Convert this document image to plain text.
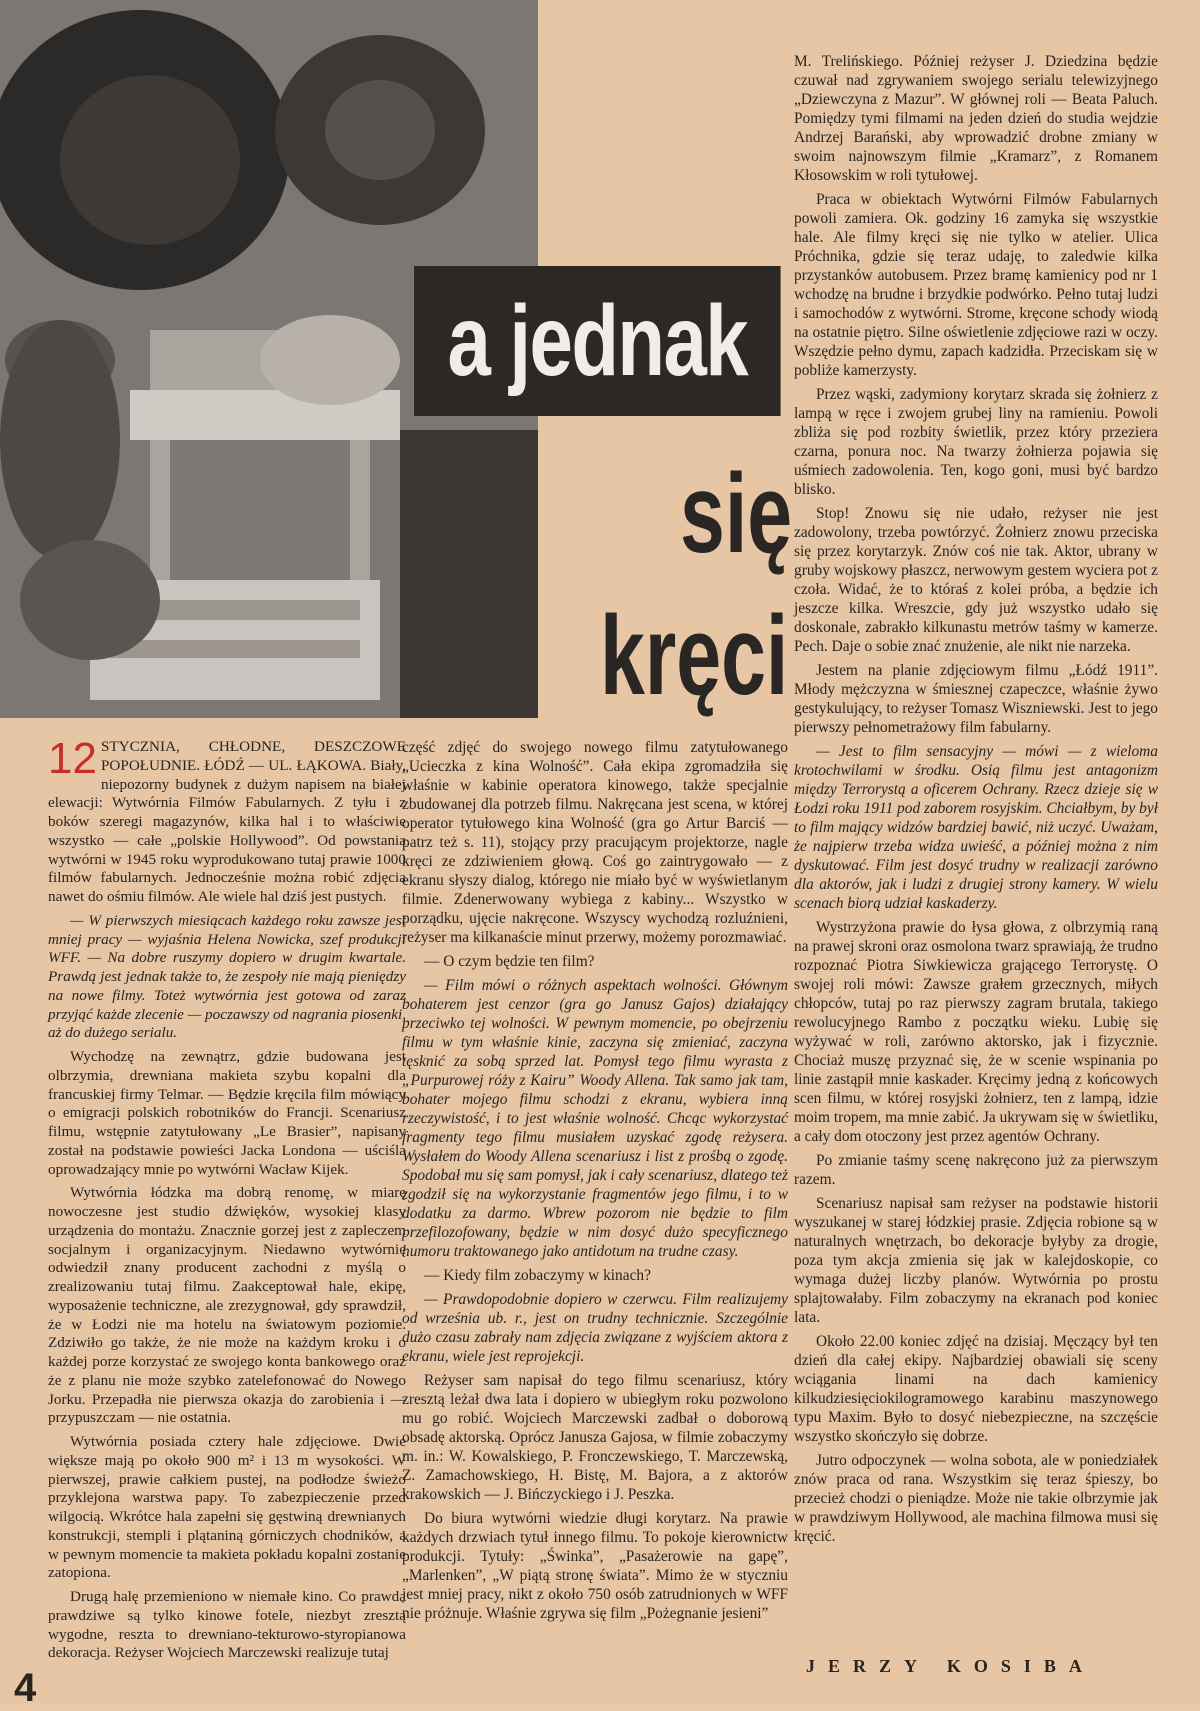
a jednak
się
kręci

12 STYCZNIA, CHŁODNE, DESZCZOWE POPOŁUDNIE. ŁÓDŹ — UL. ŁĄKOWA. Biały, niepozorny budynek z dużym napisem na białej elewacji: Wytwórnia Filmów Fabularnych. Z tyłu i z boków szeregi magazynów, kilka hal i to właściwie wszystko — całe „polskie Hollywood”. Od powstania wytwórni w 1945 roku wyprodukowano tutaj prawie 1000 filmów fabularnych. Jednocześnie można robić zdjęcia nawet do ośmiu filmów. Ale wiele hal dziś jest pustych.

— W pierwszych miesiącach każdego roku zawsze jest mniej pracy — wyjaśnia Helena Nowicka, szef produkcji WFF. — Na dobre ruszymy dopiero w drugim kwartale. Prawdą jest jednak także to, że zespoły nie mają pieniędzy na nowe filmy. Toteż wytwórnia jest gotowa od zaraz przyjąć każde zlecenie — poczawszy od nagrania piosenki, aż do dużego serialu.

Wychodzę na zewnątrz, gdzie budowana jest olbrzymia, drewniana makieta szybu kopalni dla francuskiej firmy Telmar. — Będzie kręcila film mówiący o emigracji polskich robotników do Francji. Scenariusz filmu, wstępnie zatytułowany „Le Brasier”, napisany został na podstawie powieści Jacka Londona — uściśla oprowadzający mnie po wytwórni Wacław Kijek.

Wytwórnia łódzka ma dobrą renomę, w miarę nowoczesne jest studio dźwięków, wysokiej klasy urządzenia do montażu. Znacznie gorzej jest z zapleczem socjalnym i organizacyjnym. Niedawno wytwórnię odwiedził znany producent zachodni z myślą o zrealizowaniu tutaj filmu. Zaakceptował hale, ekipę, wyposażenie techniczne, ale zrezygnował, gdy sprawdził, że w Łodzi nie ma hotelu na światowym poziomie. Zdziwiło go także, że nie może na każdym kroku i o każdej porze korzystać ze swojego konta bankowego oraz że z planu nie może szybko zatelefonować do Nowego Jorku. Przepadła nie pierwsza okazja do zarobienia i — przypuszczam — nie ostatnia.

Wytwórnia posiada cztery hale zdjęciowe. Dwie większe mają po około 900 m² i 13 m wysokości. W pierwszej, prawie całkiem pustej, na podłodze świeżo przyklejona warstwa papy. To zabezpieczenie przed wilgocią. Wkrótce hala zapełni się gęstwiną drewnianych konstrukcji, stempli i plątaniną górniczych chodników, a w pewnym momencie ta makieta pokładu kopalni zostanie zatopiona.

Drugą halę przemieniono w niemałe kino. Co prawda prawdziwe są tylko kinowe fotele, niezbyt zresztą wygodne, reszta to drewniano-tekturowo-styropianowa dekoracja. Reżyser Wojciech Marczewski realizuje tutaj

część zdjęć do swojego nowego filmu zatytułowanego „Ucieczka z kina Wolność”. Cała ekipa zgromadziła się właśnie w kabinie operatora kinowego, także specjalnie zbudowanej dla potrzeb filmu. Nakręcana jest scena, w której operator tytułowego kina Wolność (gra go Artur Barciś — patrz też s. 11), stojący przy pracującym projektorze, nagle kręci ze zdziwieniem głową. Coś go zaintrygowało — z ekranu słyszy dialog, którego nie miało być w wyświetlanym filmie. Zdenerwowany wybiega z kabiny... Wszystko w porządku, ujęcie nakręcone. Wszyscy wychodzą rozluźnieni, reżyser ma kilkanaście minut przerwy, możemy porozmawiać.

— O czym będzie ten film?

— Film mówi o różnych aspektach wolności. Głównym bohaterem jest cenzor (gra go Janusz Gajos) działający przeciwko tej wolności. W pewnym momencie, po obejrzeniu filmu w tym właśnie kinie, zaczyna się zmieniać, zaczyna tęsknić za sobą sprzed lat. Pomysł tego filmu wyrasta z „Purpurowej róży z Kairu” Woody Allena. Tak samo jak tam, bohater mojego filmu schodzi z ekranu, wybiera inną rzeczywistość, i to jest właśnie wolność. Chcąc wykorzystać fragmenty tego filmu musiałem uzyskać zgodę reżysera. Wysłałem do Woody Allena scenariusz i list z prośbą o zgodę. Spodobał mu się sam pomysł, jak i cały scenariusz, dlatego też zgodził się na wykorzystanie fragmentów jego filmu, i to w dodatku za darmo. Wbrew pozorom nie będzie to film przefilozofowany, będzie w nim dosyć dużo specyficznego humoru traktowanego jako antidotum na trudne czasy.

— Kiedy film zobaczymy w kinach?

— Prawdopodobnie dopiero w czerwcu. Film realizujemy od września ub. r., jest on trudny technicznie. Szczególnie dużo czasu zabrały nam zdjęcia związane z wyjściem aktora z ekranu, wiele jest reprojekcji.

Reżyser sam napisał do tego filmu scenariusz, który zresztą leżał dwa lata i dopiero w ubiegłym roku pozwolono mu go robić. Wojciech Marczewski zadbał o doborową obsadę aktorską. Oprócz Janusza Gajosa, w filmie zobaczymy m. in.: W. Kowalskiego, P. Fronczewskiego, T. Marczewską, Z. Zamachowskiego, H. Bistę, M. Bajora, a z aktorów krakowskich — J. Bińczyckiego i J. Peszka.

Do biura wytwórni wiedzie długi korytarz. Na prawie każdych drzwiach tytuł innego filmu. To pokoje kierownictw produkcji. Tytuły: „Świnka”, „Pasażerowie na gapę”, „Marlenken”, „W piątą stronę świata”. Mimo że w styczniu jest mniej pracy, nikt z około 750 osób zatrudnionych w WFF nie próżnuje. Właśnie zgrywa się film „Pożegnanie jesieni”

M. Trelińskiego. Później reżyser J. Dziedzina będzie czuwał nad zgrywaniem swojego serialu telewizyjnego „Dziewczyna z Mazur”. W głównej roli — Beata Paluch. Pomiędzy tymi filmami na jeden dzień do studia wejdzie Andrzej Barański, aby wprowadzić drobne zmiany w swoim najnowszym filmie „Kramarz”, z Romanem Kłosowskim w roli tytułowej.

Praca w obiektach Wytwórni Filmów Fabularnych powoli zamiera. Ok. godziny 16 zamyka się wszystkie hale. Ale filmy kręci się nie tylko w atelier. Ulica Próchnika, gdzie się teraz udaję, to zaledwie kilka przystanków autobusem. Przez bramę kamienicy pod nr 1 wchodzę na brudne i brzydkie podwórko. Pełno tutaj ludzi i samochodów z wytwórni. Strome, kręcone schody wiodą na ostatnie piętro. Silne oświetlenie zdjęciowe razi w oczy. Wszędzie pełno dymu, zapach kadzidła. Przeciskam się w pobliże kamerzysty.

Przez wąski, zadymiony korytarz skrada się żołnierz z lampą w ręce i zwojem grubej liny na ramieniu. Powoli zbliża się pod rozbity świetlik, przez który przeziera czarna, ponura noc. Na twarzy żołnierza pojawia się uśmiech zadowolenia. Ten, kogo goni, musi być bardzo blisko.

Stop! Znowu się nie udało, reżyser nie jest zadowolony, trzeba powtórzyć. Żołnierz znowu przeciska się przez korytarzyk. Znów coś nie tak. Aktor, ubrany w gruby wojskowy płaszcz, nerwowym gestem wyciera pot z czoła. Widać, że to któraś z kolei próba, a będzie ich jeszcze kilka. Wreszcie, gdy już wszystko udało się doskonale, zabrakło kilkunastu metrów taśmy w kamerze. Pech. Daje o sobie znać znużenie, ale nikt nie narzeka.

Jestem na planie zdjęciowym filmu „Łódź 1911”. Młody mężczyzna w śmiesznej czapeczce, właśnie żywo gestykulujący, to reżyser Tomasz Wiszniewski. Jest to jego pierwszy pełnometrażowy film fabularny.

— Jest to film sensacyjny — mówi — z wieloma krotochwilami w środku. Osią filmu jest antagonizm między Terrorystą a oficerem Ochrany. Rzecz dzieje się w Łodzi roku 1911 pod zaborem rosyjskim. Chciałbym, by był to film mający widzów bardziej bawić, niż uczyć. Uważam, że najpierw trzeba widza uwieść, a później można z nim dyskutować. Film jest dosyć trudny w realizacji zarówno dla aktorów, jak i ludzi z drugiej strony kamery. W wielu scenach biorą udział kaskaderzy.

Wystrzyżona prawie do łysa głowa, z olbrzymią raną na prawej skroni oraz osmolona twarz sprawiają, że trudno rozpoznać Piotra Siwkiewicza grającego Terrorystę. O swojej roli mówi: Zawsze grałem grzecznych, miłych chłopców, tutaj po raz pierwszy zagram brutala, takiego rewolucyjnego Rambo z początku wieku. Lubię się wyżywać w roli, zarówno aktorsko, jak i fizycznie. Chociaż muszę przyznać się, że w scenie wspinania po linie zastąpił mnie kaskader. Kręcimy jedną z końcowych scen filmu, w której rosyjski żołnierz, ten z lampą, idzie moim tropem, ma mnie zabić. Ja ukrywam się w świetliku, a cały dom otoczony jest przez agentów Ochrany.

Po zmianie taśmy scenę nakręcono już za pierwszym razem.

Scenariusz napisał sam reżyser na podstawie historii wyszukanej w starej łódzkiej prasie. Zdjęcia robione są w naturalnych wnętrzach, bo dekoracje byłyby za drogie, poza tym akcja zmienia się jak w kalejdoskopie, co wymaga dużej liczby planów. Wytwórnia po prostu splajtowałaby. Film zobaczymy na ekranach pod koniec lata.

Około 22.00 koniec zdjęć na dzisiaj. Męczący był ten dzień dla całej ekipy. Najbardziej obawiali się sceny wciągania linami na dach kamienicy kilkudziesięciokilogramowego karabinu maszynowego typu Maxim. Było to dosyć niebezpieczne, na szczęście wszystko skończyło się dobrze.

Jutro odpoczynek — wolna sobota, ale w poniedziałek znów praca od rana. Wszystkim się teraz śpieszy, bo przecież chodzi o pieniądze. Może nie takie olbrzymie jak w prawdziwym Hollywood, ale machina filmowa musi się kręcić.

JERZY KOSIBA
4
